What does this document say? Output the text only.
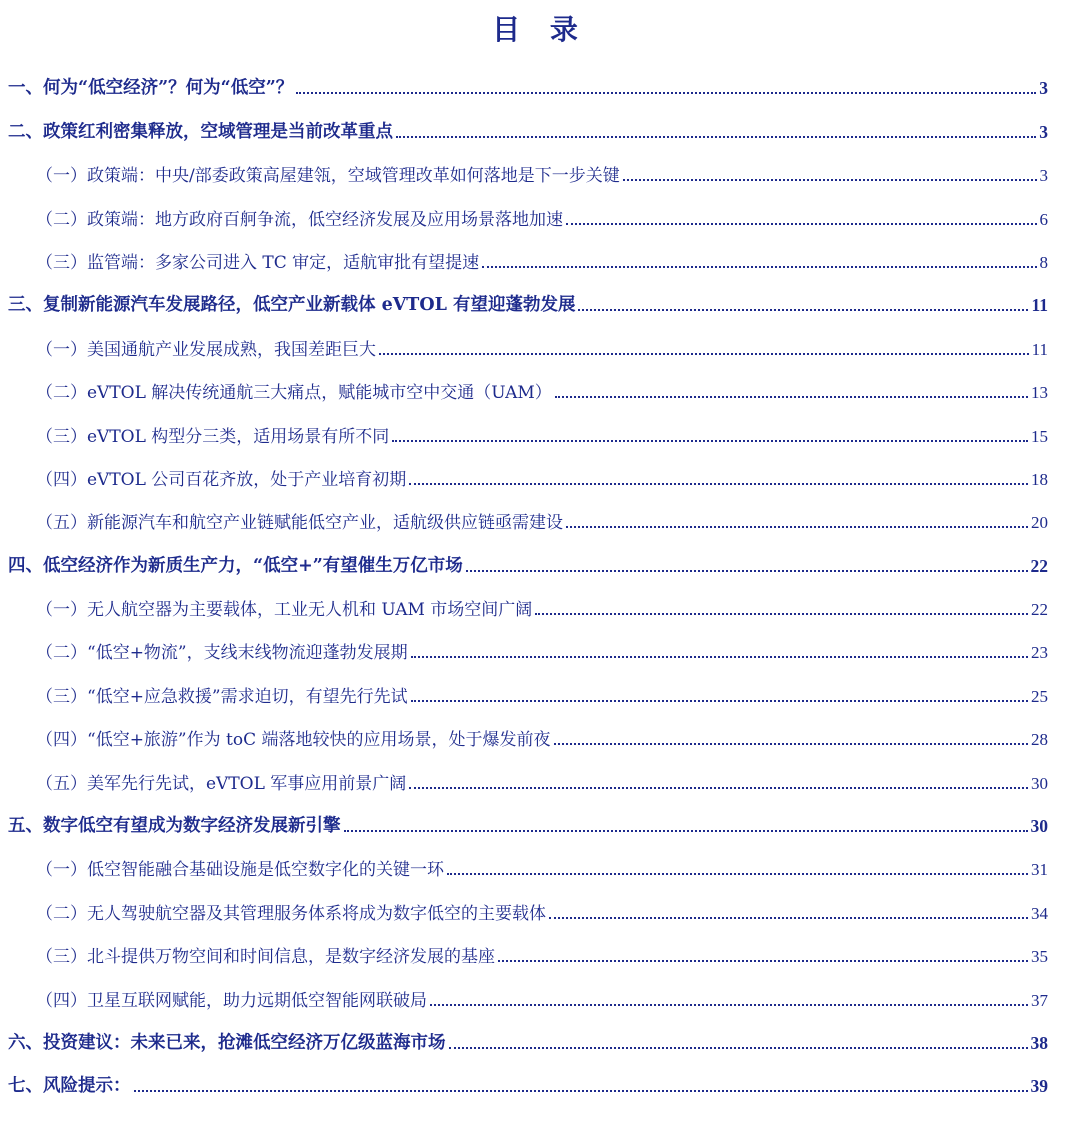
目 录
一、何为“低空经济”？何为“低空”？	3
二、政策红利密集释放，空域管理是当前改革重点	3
（一）政策端：中央/部委政策高屋建瓴，空域管理改革如何落地是下一步关键	3
（二）政策端：地方政府百舸争流，低空经济发展及应用场景落地加速	6
（三）监管端：多家公司进入 TC 审定，适航审批有望提速	8
三、复制新能源汽车发展路径，低空产业新载体 eVTOL 有望迎蓬勃发展	11
（一）美国通航产业发展成熟，我国差距巨大	11
（二）eVTOL 解决传统通航三大痛点，赋能城市空中交通（UAM）	13
（三）eVTOL 构型分三类，适用场景有所不同	15
（四）eVTOL 公司百花齐放，处于产业培育初期	18
（五）新能源汽车和航空产业链赋能低空产业，适航级供应链亟需建设	20
四、低空经济作为新质生产力，“低空+”有望催生万亿市场	22
（一）无人航空器为主要载体，工业无人机和 UAM 市场空间广阔	22
（二）“低空+物流”，支线末线物流迎蓬勃发展期	23
（三）“低空+应急救援”需求迫切，有望先行先试	25
（四）“低空+旅游”作为 toC 端落地较快的应用场景，处于爆发前夜	28
（五）美军先行先试，eVTOL 军事应用前景广阔	30
五、数字低空有望成为数字经济发展新引擎	30
（一）低空智能融合基础设施是低空数字化的关键一环	31
（二）无人驾驶航空器及其管理服务体系将成为数字低空的主要载体	34
（三）北斗提供万物空间和时间信息，是数字经济发展的基座	35
（四）卫星互联网赋能，助力远期低空智能网联破局	37
六、投资建议：未来已来，抢滩低空经济万亿级蓝海市场	38
七、风险提示：	39
